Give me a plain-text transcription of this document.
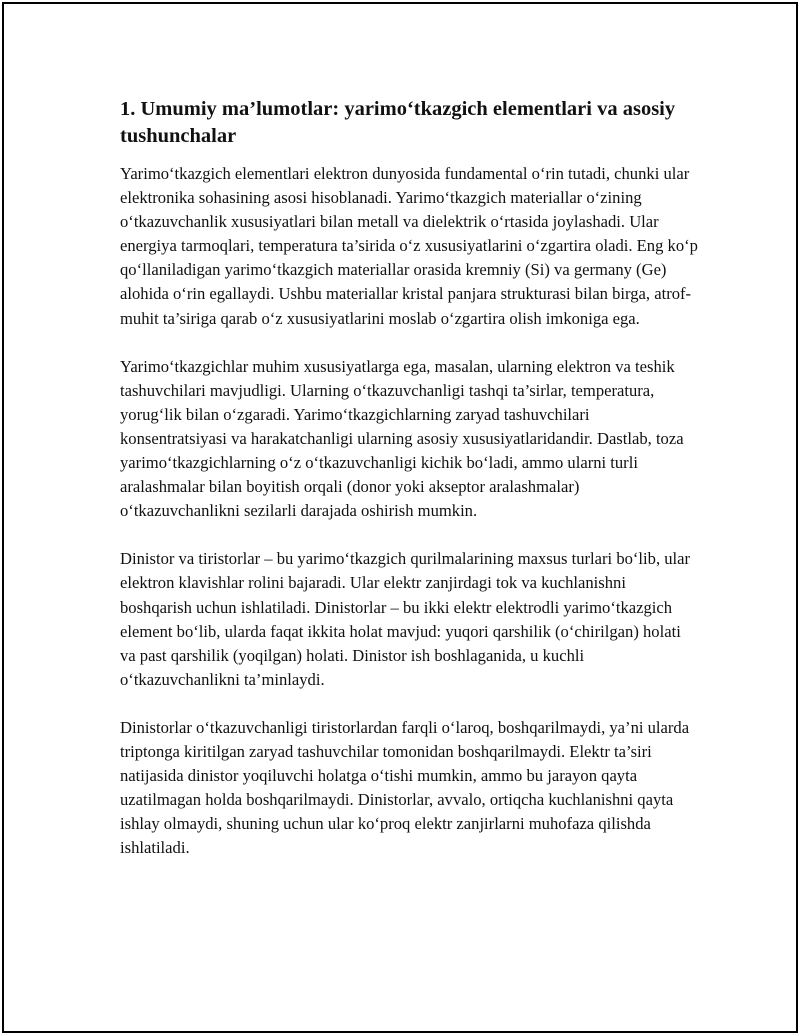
1. Umumiy ma’lumotlar: yarimo‘tkazgich elementlari va asosiy tushunchalar

Yarimo‘tkazgich elementlari elektron dunyosida fundamental o‘rin tutadi, chunki ular elektronika sohasining asosi hisoblanadi. Yarimo‘tkazgich materiallar o‘zining o‘tkazuvchanlik xususiyatlari bilan metall va dielektrik o‘rtasida joylashadi. Ular energiya tarmoqlari, temperatura ta’sirida o‘z xususiyatlarini o‘zgartira oladi. Eng ko‘p qo‘llaniladigan yarimo‘tkazgich materiallar orasida kremniy (Si) va germany (Ge) alohida o‘rin egallaydi. Ushbu materiallar kristal panjara strukturasi bilan birga, atrof-muhit ta’siriga qarab o‘z xususiyatlarini moslab o‘zgartira olish imkoniga ega.

Yarimo‘tkazgichlar muhim xususiyatlarga ega, masalan, ularning elektron va teshik tashuvchilari mavjudligi. Ularning o‘tkazuvchanligi tashqi ta’sirlar, temperatura, yorug‘lik bilan o‘zgaradi. Yarimo‘tkazgichlarning zaryad tashuvchilari konsentratsiyasi va harakatchanligi ularning asosiy xususiyatlaridandir. Dastlab, toza yarimo‘tkazgichlarning o‘z o‘tkazuvchanligi kichik bo‘ladi, ammo ularni turli aralashmalar bilan boyitish orqali (donor yoki akseptor aralashmalar) o‘tkazuvchanlikni sezilarli darajada oshirish mumkin.

Dinistor va tiristorlar – bu yarimo‘tkazgich qurilmalarining maxsus turlari bo‘lib, ular elektron klavishlar rolini bajaradi. Ular elektr zanjirdagi tok va kuchlanishni boshqarish uchun ishlatiladi. Dinistorlar – bu ikki elektr elektrodli yarimo‘tkazgich element bo‘lib, ularda faqat ikkita holat mavjud: yuqori qarshilik (o‘chirilgan) holati va past qarshilik (yoqilgan) holati. Dinistor ish boshlaganida, u kuchli o‘tkazuvchanlikni ta’minlaydi.

Dinistorlar o‘tkazuvchanligi tiristorlardan farqli o‘laroq, boshqarilmaydi, ya’ni ularda triptonga kiritilgan zaryad tashuvchilar tomonidan boshqarilmaydi. Elektr ta’siri natijasida dinistor yoqiluvchi holatga o‘tishi mumkin, ammo bu jarayon qayta uzatilmagan holda boshqarilmaydi. Dinistorlar, avvalo, ortiqcha kuchlanishni qayta ishlay olmaydi, shuning uchun ular ko‘proq elektr zanjirlarni muhofaza qilishda ishlatiladi.
